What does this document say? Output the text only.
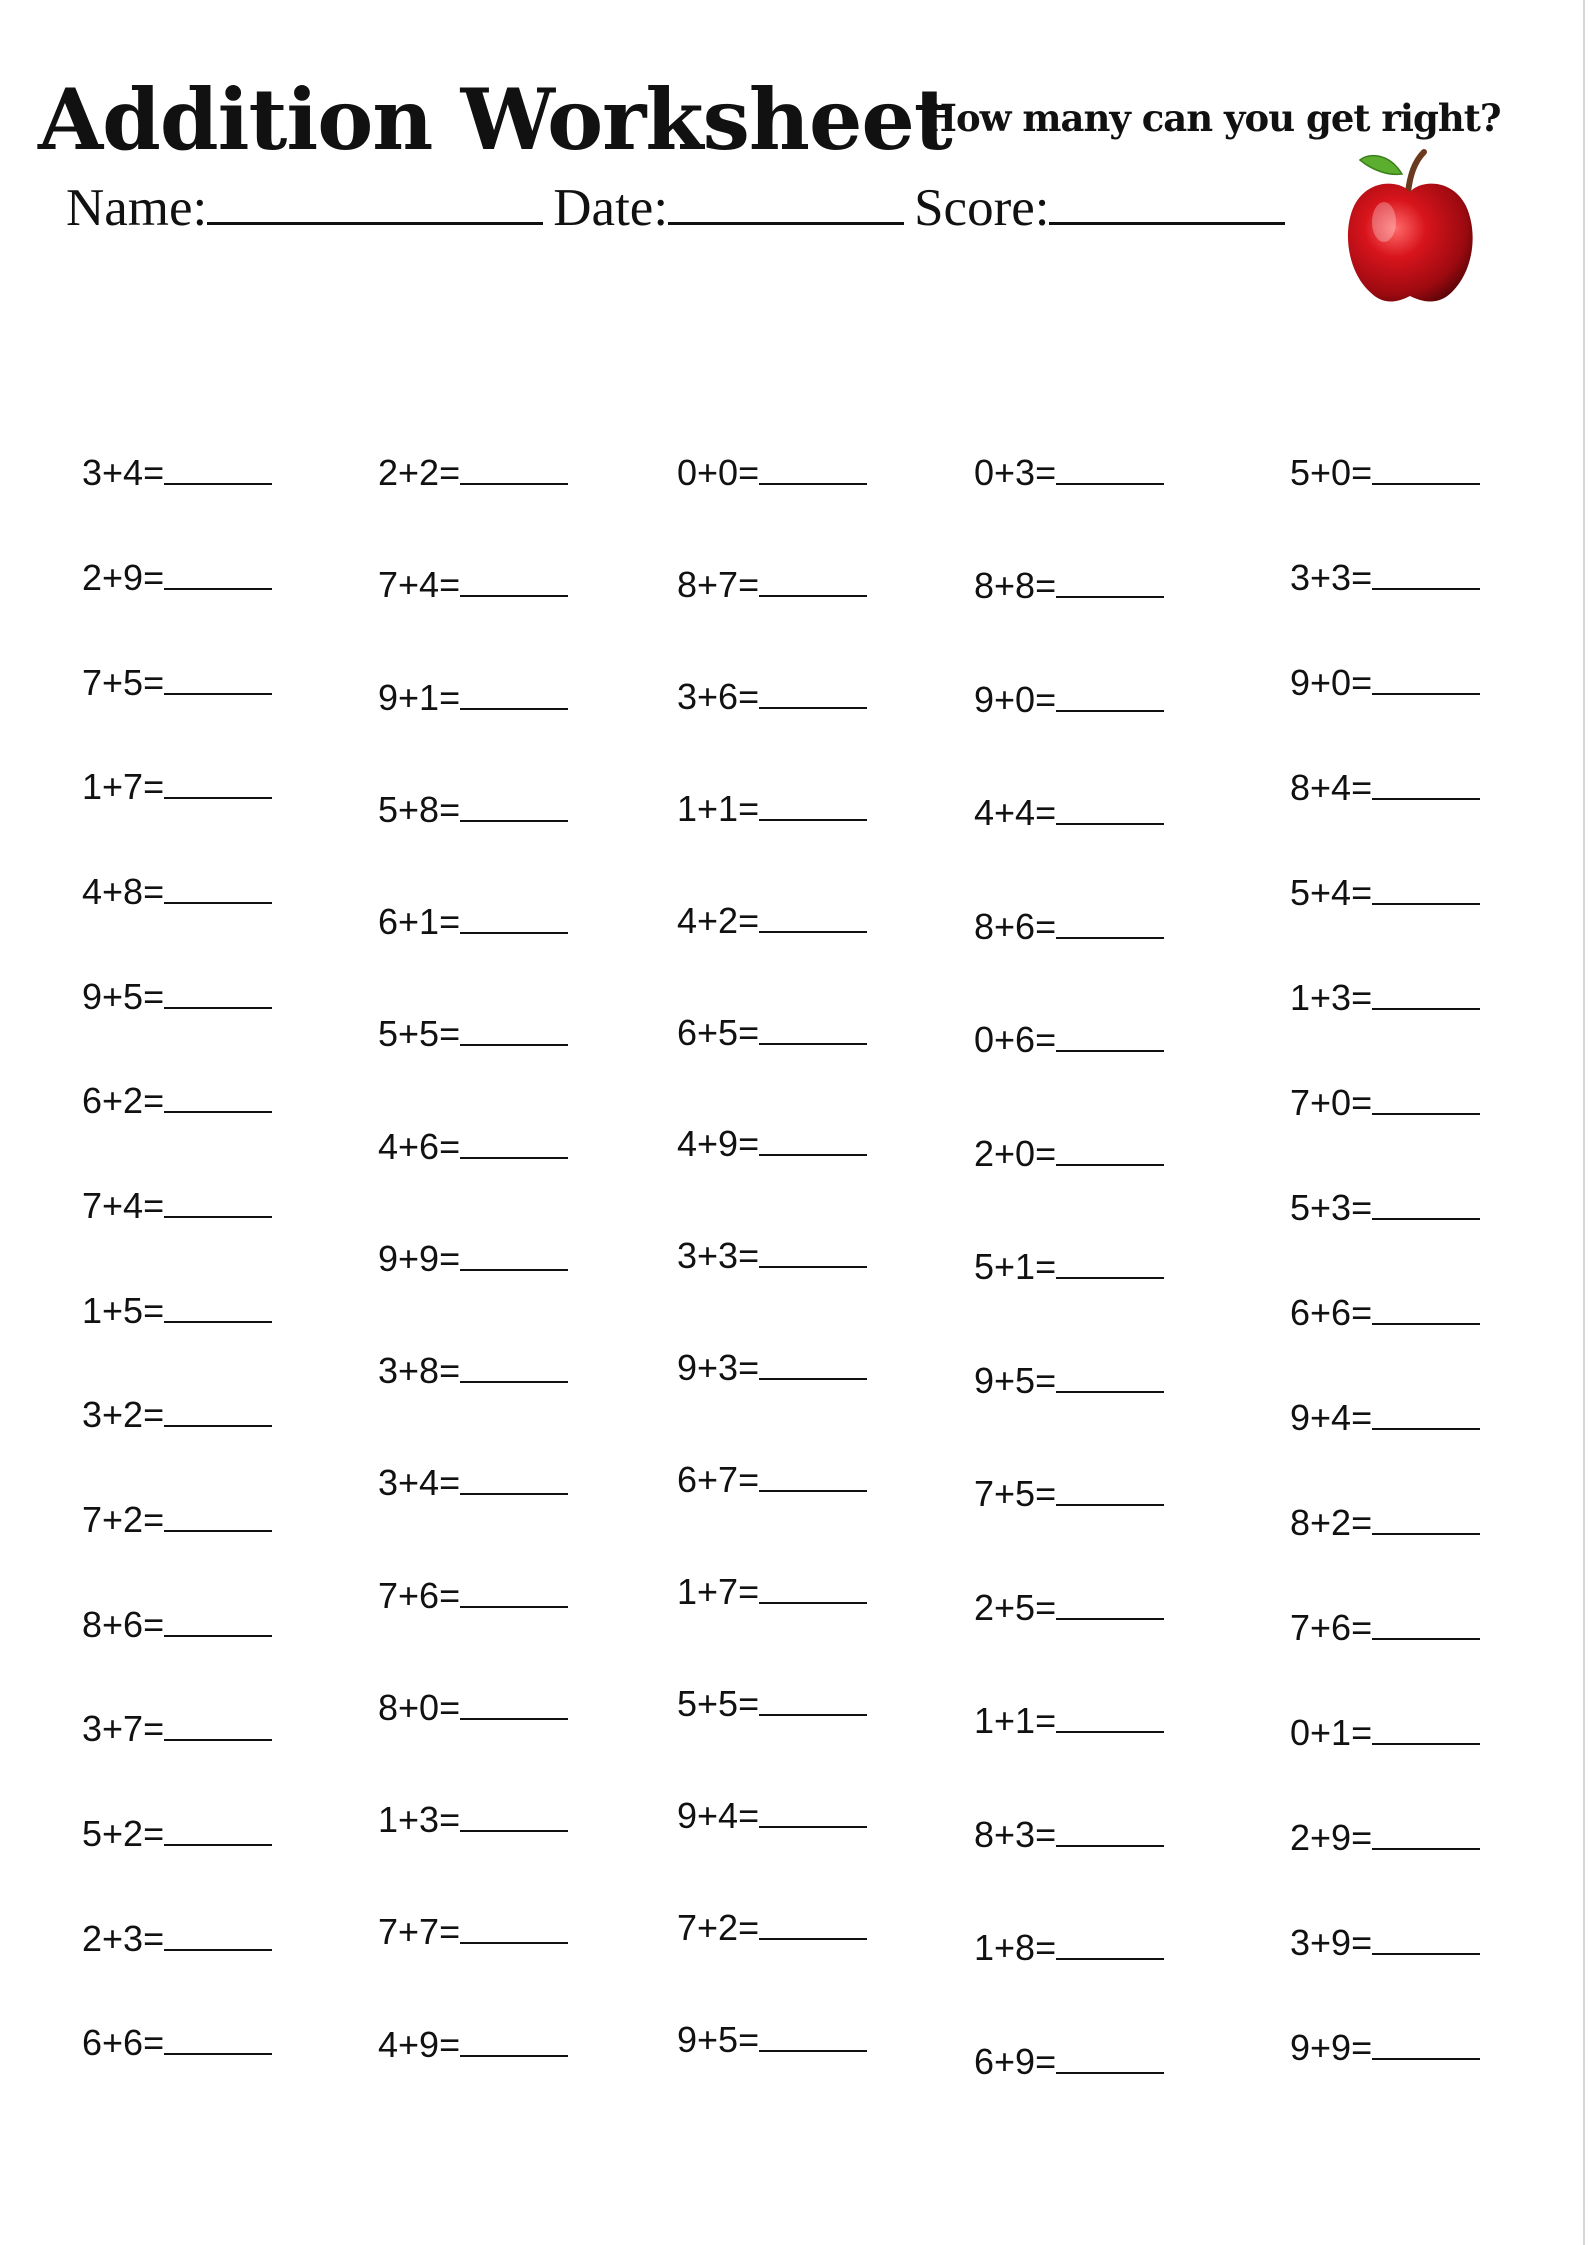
Addition Worksheet
How many can you get right?
Name:	Date:	Score:
3+4=
2+9=
7+5=
1+7=
4+8=
9+5=
6+2=
7+4=
1+5=
3+2=
7+2=
8+6=
3+7=
5+2=
2+3=
6+6=
2+2=
7+4=
9+1=
5+8=
6+1=
5+5=
4+6=
9+9=
3+8=
3+4=
7+6=
8+0=
1+3=
7+7=
4+9=
0+0=
8+7=
3+6=
1+1=
4+2=
6+5=
4+9=
3+3=
9+3=
6+7=
1+7=
5+5=
9+4=
7+2=
9+5=
0+3=
8+8=
9+0=
4+4=
8+6=
0+6=
2+0=
5+1=
9+5=
7+5=
2+5=
1+1=
8+3=
1+8=
6+9=
5+0=
3+3=
9+0=
8+4=
5+4=
1+3=
7+0=
5+3=
6+6=
9+4=
8+2=
7+6=
0+1=
2+9=
3+9=
9+9=
